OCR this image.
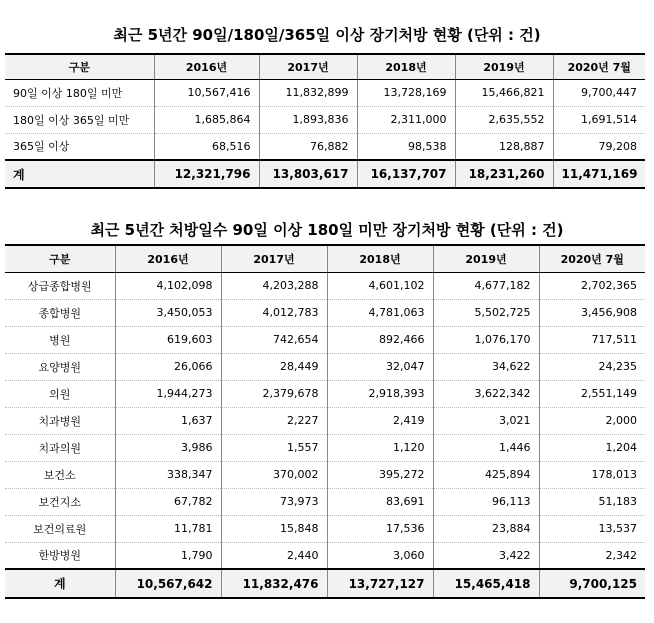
최근 5년간 90일/180일/365일 이상 장기처방 현황 (단위 : 건)
구분	2016년	2017년	2018년	2019년	2020년 7월
90일 이상 180일 미만	10,567,416	11,832,899	13,728,169	15,466,821	9,700,447
180일 이상 365일 미만	1,685,864	1,893,836	2,311,000	2,635,552	1,691,514
365일 이상	68,516	76,882	98,538	128,887	79,208
계	12,321,796	13,803,617	16,137,707	18,231,260	11,471,169
최근 5년간 처방일수 90일 이상 180일 미만 장기처방 현황 (단위 : 건)
구분	2016년	2017년	2018년	2019년	2020년 7월
상급종합병원	4,102,098	4,203,288	4,601,102	4,677,182	2,702,365
종합병원	3,450,053	4,012,783	4,781,063	5,502,725	3,456,908
병원	619,603	742,654	892,466	1,076,170	717,511
요양병원	26,066	28,449	32,047	34,622	24,235
의원	1,944,273	2,379,678	2,918,393	3,622,342	2,551,149
치과병원	1,637	2,227	2,419	3,021	2,000
치과의원	3,986	1,557	1,120	1,446	1,204
보건소	338,347	370,002	395,272	425,894	178,013
보건지소	67,782	73,973	83,691	96,113	51,183
보건의료원	11,781	15,848	17,536	23,884	13,537
한방병원	1,790	2,440	3,060	3,422	2,342
계	10,567,642	11,832,476	13,727,127	15,465,418	9,700,125
